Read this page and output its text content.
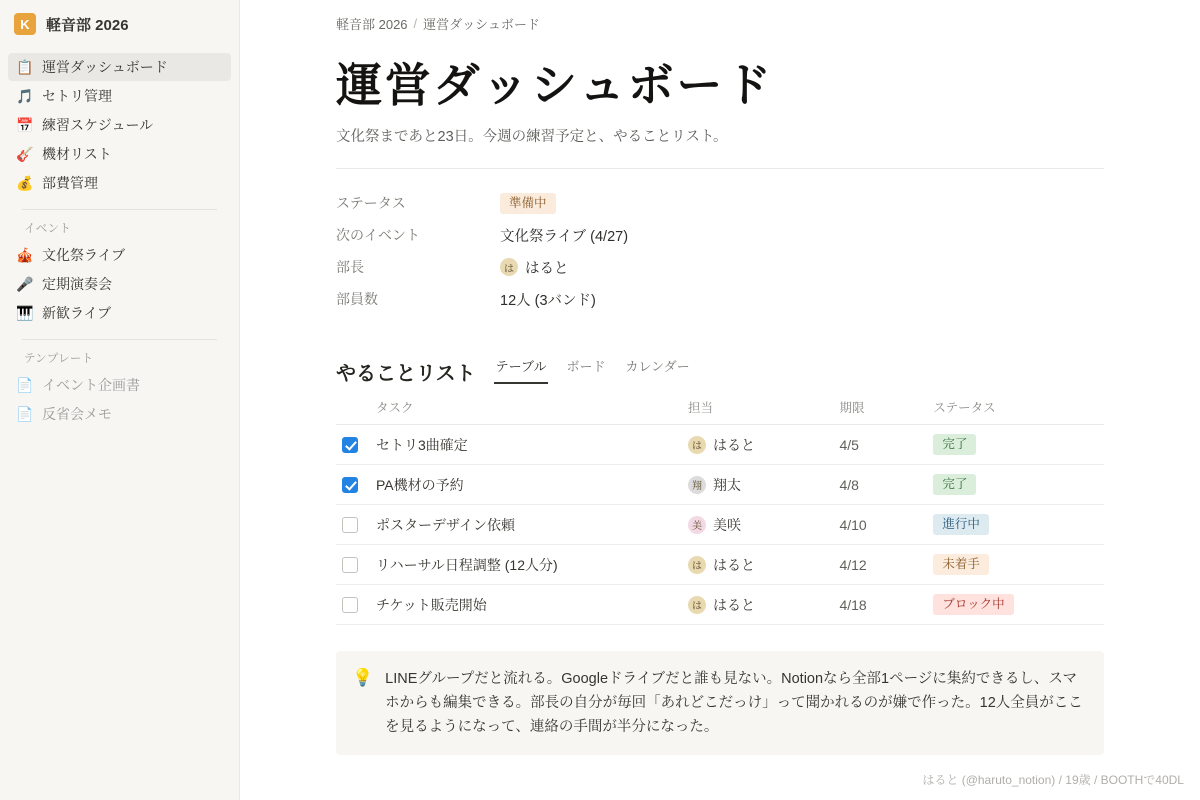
K	軽音部 2026
📋 運営ダッシュボード
🎵 セトリ管理
📅 練習スケジュール
🎸 機材リスト
💰 部費管理
イベント
🎪 文化祭ライブ
🎤 定期演奏会
🎹 新歓ライブ
テンプレート
📄 イベント企画書
📄 反省会メモ
軽音部 2026 / 運営ダッシュボード
運営ダッシュボード
文化祭まであと23日。今週の練習予定と、やることリスト。
ステータス	準備中
次のイベント	文化祭ライブ (4/27)
部長	は はると
部員数	12人 (3バンド)
やることリスト テーブル ボード カレンダー
タスク	担当	期限	ステータス

セトリ3曲確定	は はると	4/5	完了

PA機材の予約	翔 翔太	4/8	完了

ポスターデザイン依頼	美 美咲	4/10	進行中

リハーサル日程調整 (12人分)	は はると	4/12	未着手

チケット販売開始	は はると	4/18	ブロック中
💡 LINEグループだと流れる。Googleドライブだと誰も見ない。Notionなら全部1ページに集約できるし、スマホからも編集できる。部長の自分が毎回「あれどこだっけ」って聞かれるのが嫌で作った。12人全員がここを見るようになって、連絡の手間が半分になった。

はると (@haruto_notion) / 19歳 / BOOTHで40DL
